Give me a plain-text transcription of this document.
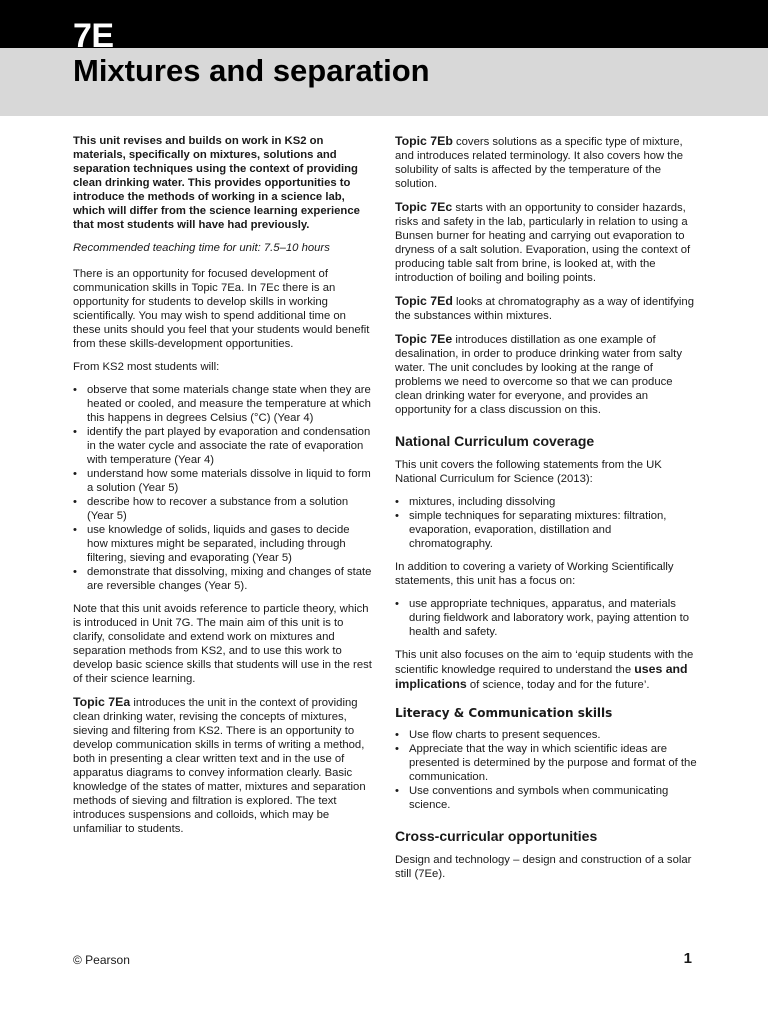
7E
Mixtures and separation

This unit revises and builds on work in KS2 on materials, specifically on mixtures, solutions and separation techniques using the context of providing clean drinking water. This provides opportunities to introduce the methods of working in a science lab, which will differ from the science learning experience that most students will have had previously.

Recommended teaching time for unit: 7.5–10 hours

There is an opportunity for focused development of communication skills in Topic 7Ea. In 7Ec there is an opportunity for students to develop skills in working scientifically. You may wish to spend additional time on these units should you feel that your students would benefit from these skills-development opportunities.

From KS2 most students will:

• observe that some materials change state when they are heated or cooled, and measure the temperature at which this happens in degrees Celsius (°C) (Year 4)
• identify the part played by evaporation and condensation in the water cycle and associate the rate of evaporation with temperature (Year 4)
• understand how some materials dissolve in liquid to form a solution (Year 5)
• describe how to recover a substance from a solution (Year 5)
• use knowledge of solids, liquids and gases to decide how mixtures might be separated, including through filtering, sieving and evaporating (Year 5)
• demonstrate that dissolving, mixing and changes of state are reversible changes (Year 5).

Note that this unit avoids reference to particle theory, which is introduced in Unit 7G. The main aim of this unit is to clarify, consolidate and extend work on mixtures and separation methods from KS2, and to use this work to develop basic science skills that students will use in the rest of their science learning.

Topic 7Ea introduces the unit in the context of providing clean drinking water, revising the concepts of mixtures, sieving and filtering from KS2. There is an opportunity to develop communication skills in terms of writing a method, both in presenting a clear written text and in the use of apparatus diagrams to convey information clearly. Basic knowledge of the states of matter, mixtures and separation methods of sieving and filtration is explored. The text introduces suspensions and colloids, which may be unfamiliar to students.

Topic 7Eb covers solutions as a specific type of mixture, and introduces related terminology. It also covers how the solubility of salts is affected by the temperature of the solution.

Topic 7Ec starts with an opportunity to consider hazards, risks and safety in the lab, particularly in relation to using a Bunsen burner for heating and carrying out evaporation to dryness of a salt solution. Evaporation, using the context of producing table salt from brine, is looked at, with the introduction of boiling and boiling points.

Topic 7Ed looks at chromatography as a way of identifying the substances within mixtures.

Topic 7Ee introduces distillation as one example of desalination, in order to produce drinking water from salty water. The unit concludes by looking at the range of problems we need to overcome so that we can produce clean drinking water for everyone, and provides an opportunity for a class discussion on this.

National Curriculum coverage

This unit covers the following statements from the UK National Curriculum for Science (2013):

• mixtures, including dissolving
• simple techniques for separating mixtures: filtration, evaporation, evaporation, distillation and chromatography.

In addition to covering a variety of Working Scientifically statements, this unit has a focus on:

• use appropriate techniques, apparatus, and materials during fieldwork and laboratory work, paying attention to health and safety.

This unit also focuses on the aim to ‘equip students with the scientific knowledge required to understand the uses and implications of science, today and for the future’.

Literacy & Communication skills
• Use flow charts to present sequences.
• Appreciate that the way in which scientific ideas are presented is determined by the purpose and format of the communication.
• Use conventions and symbols when communicating science.
Cross-curricular opportunities

Design and technology – design and construction of a solar still (7Ee).

© Pearson	1
